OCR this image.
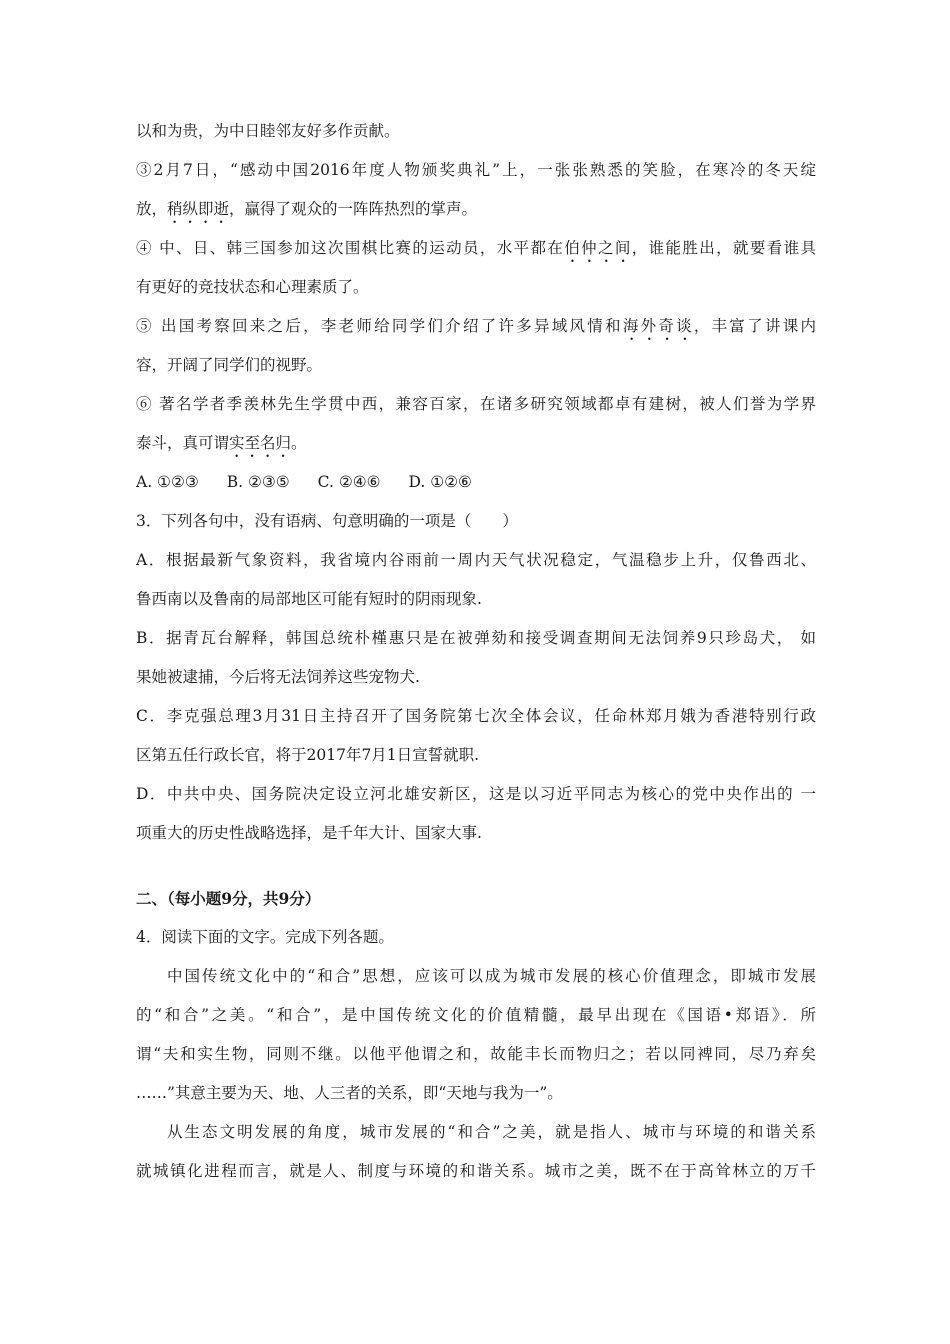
以和为贵，为中日睦邻友好多作贡献。
③2月7日，“感动中国2016年度人物颁奖典礼”上，一张张熟悉的笑脸，在寒冷的冬天绽
放，稍纵即逝，赢得了观众的一阵阵热烈的掌声。
④ 中、日、韩三国参加这次围棋比赛的运动员，水平都在伯仲之间，谁能胜出，就要看谁具
有更好的竞技状态和心理素质了。
⑤ 出国考察回来之后，李老师给同学们介绍了许多异域风情和海外奇谈，丰富了讲课内
容，开阔了同学们的视野。
⑥ 著名学者季羡林先生学贯中西，兼容百家，在诸多研究领域都卓有建树，被人们誉为学界
泰斗，真可谓实至名归。
A. ①②③ B. ②③⑤ C. ②④⑥ D. ①②⑥
3．下列各句中，没有语病、句意明确的一项是（　　）
A．根据最新气象资料，我省境内谷雨前一周内天气状况稳定，气温稳步上升，仅鲁西北、
鲁西南以及鲁南的局部地区可能有短时的阴雨现象.
B．据青瓦台解释，韩国总统朴槿惠只是在被弹劾和接受调查期间无法饲养9只珍岛犬， 如
果她被逮捕，今后将无法饲养这些宠物犬.
C．李克强总理3月31日主持召开了国务院第七次全体会议，任命林郑月娥为香港特别行政
区第五任行政长官，将于2017年7月1日宣誓就职.
D．中共中央、国务院决定设立河北雄安新区，这是以习近平同志为核心的党中央作出的 一
项重大的历史性战略选择，是千年大计、国家大事.
二、（每小题9分，共9分）
4．阅读下面的文字。完成下列各题。
中国传统文化中的“和合”思想，应该可以成为城市发展的核心价值理念，即城市发展
的“和合”之美。“和合”，是中国传统文化的价值精髓，最早出现在《国语•郑语》．所
谓“夫和实生物，同则不继。以他平他谓之和，故能丰长而物归之；若以同裨同，尽乃弃矣
……”其意主要为天、地、人三者的关系，即“天地与我为一”。
从生态文明发展的角度，城市发展的“和合”之美，就是指人、城市与环境的和谐关系
就城镇化进程而言，就是人、制度与环境的和谐关系。城市之美，既不在于高耸林立的万千
